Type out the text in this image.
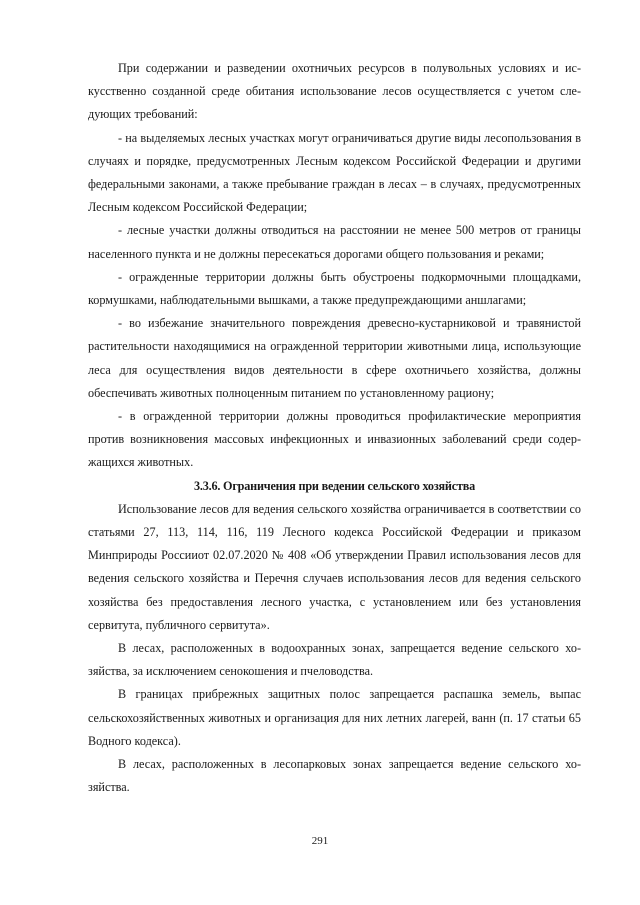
При содержании и разведении охотничьих ресурсов в полувольных условиях и искусственно созданной среде обитания использование лесов осуществляется с учетом следующих требований:

- на выделяемых лесных участках могут ограничиваться другие виды лесопользования в случаях и порядке, предусмотренных Лесным кодексом Российской Федерации и другими федеральными законами, а также пребывание граждан в лесах – в случаях, предусмотренных Лесным кодексом Российской Федерации;

- лесные участки должны отводиться на расстоянии не менее 500 метров от границы населенного пункта и не должны пересекаться дорогами общего пользования и реками;

- огражденные территории должны быть обустроены подкормочными площадками, кормушками, наблюдательными вышками, а также предупреждающими аншлагами;

- во избежание значительного повреждения древесно-кустарниковой и травянистой растительности находящимися на огражденной территории животными лица, использующие леса для осуществления видов деятельности в сфере охотничьего хозяйства, должны обеспечивать животных полноценным питанием по установленному рациону;

- в огражденной территории должны проводиться профилактические мероприятия против возникновения массовых инфекционных и инвазионных заболеваний среди содержащихся животных.

3.3.6. Ограничения при ведении сельского хозяйства

Использование лесов для ведения сельского хозяйства ограничивается в соответствии со статьями 27, 113, 114, 116, 119 Лесного кодекса Российской Федерации и приказом Минприроды Россииот 02.07.2020 № 408 «Об утверждении Правил использования лесов для ведения сельского хозяйства и Перечня случаев использования лесов для ведения сельского хозяйства без предоставления лесного участка, с установлением или без установления сервитута, публичного сервитута».

В лесах, расположенных в водоохранных зонах, запрещается ведение сельского хозяйства, за исключением сенокошения и пчеловодства.

В границах прибрежных защитных полос запрещается распашка земель, выпас сельскохозяйственных животных и организация для них летних лагерей, ванн (п. 17 статьи 65 Водного кодекса).

В лесах, расположенных в лесопарковых зонах запрещается ведение сельского хозяйства.

291
